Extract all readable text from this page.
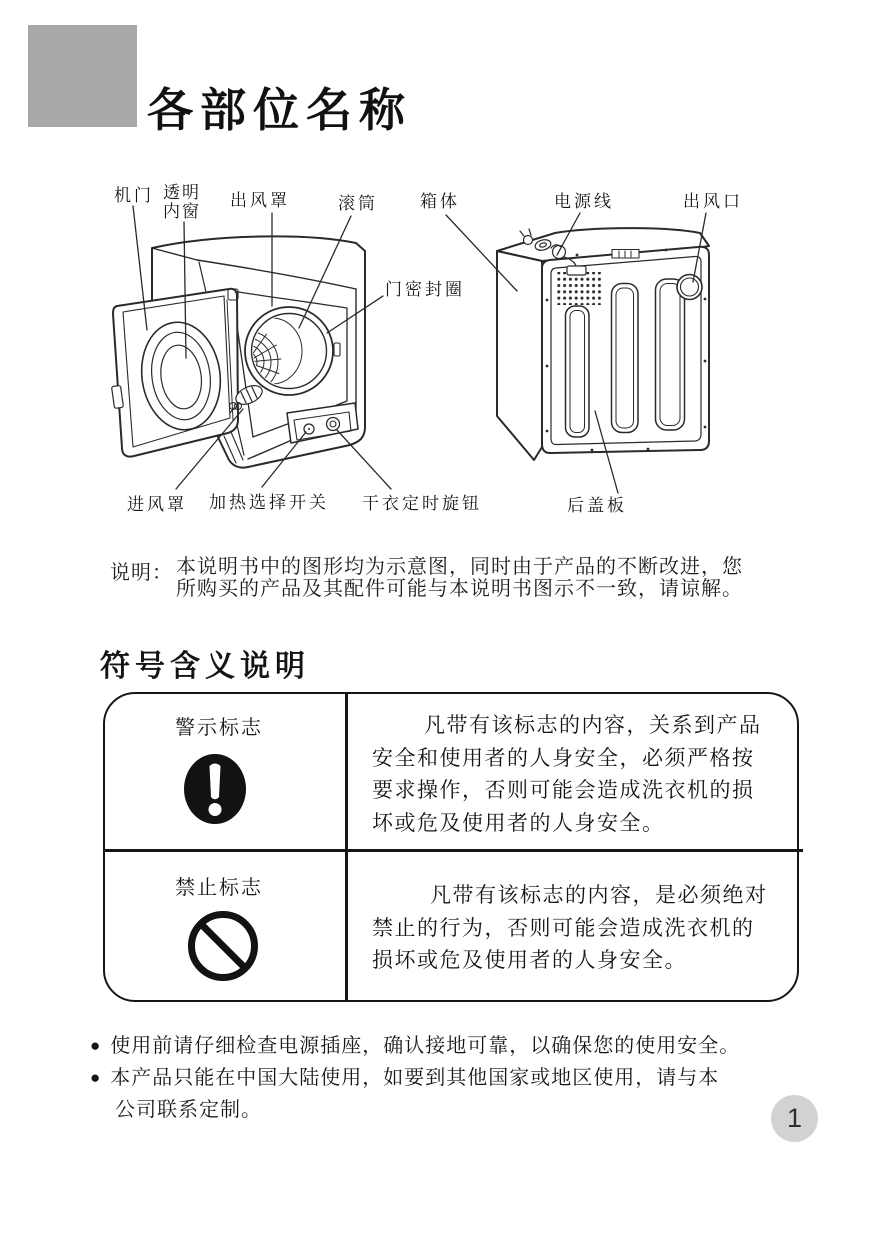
各部位名称
机门 透明
内窗
出风罩	滚筒 箱体	电源线	出风口
门密封圈
进风罩 加热选择开关 干衣定时旋钮	后盖板
说明： 本说明书中的图形均为示意图，同时由于产品的不断改进，您
所购买的产品及其配件可能与本说明书图示不一致，请谅解。
符号含义说明
警示标志	凡带有该标志的内容，关系到产品
安全和使用者的人身安全，必须严格按
要求操作，否则可能会造成洗衣机的损
坏或危及使用者的人身安全。
禁止标志	凡带有该标志的内容，是必须绝对
禁止的行为，否则可能会造成洗衣机的
损坏或危及使用者的人身安全。
● 使用前请仔细检查电源插座，确认接地可靠，以确保您的使用安全。
● 本产品只能在中国大陆使用，如要到其他国家或地区使用，请与本
公司联系定制。	1
